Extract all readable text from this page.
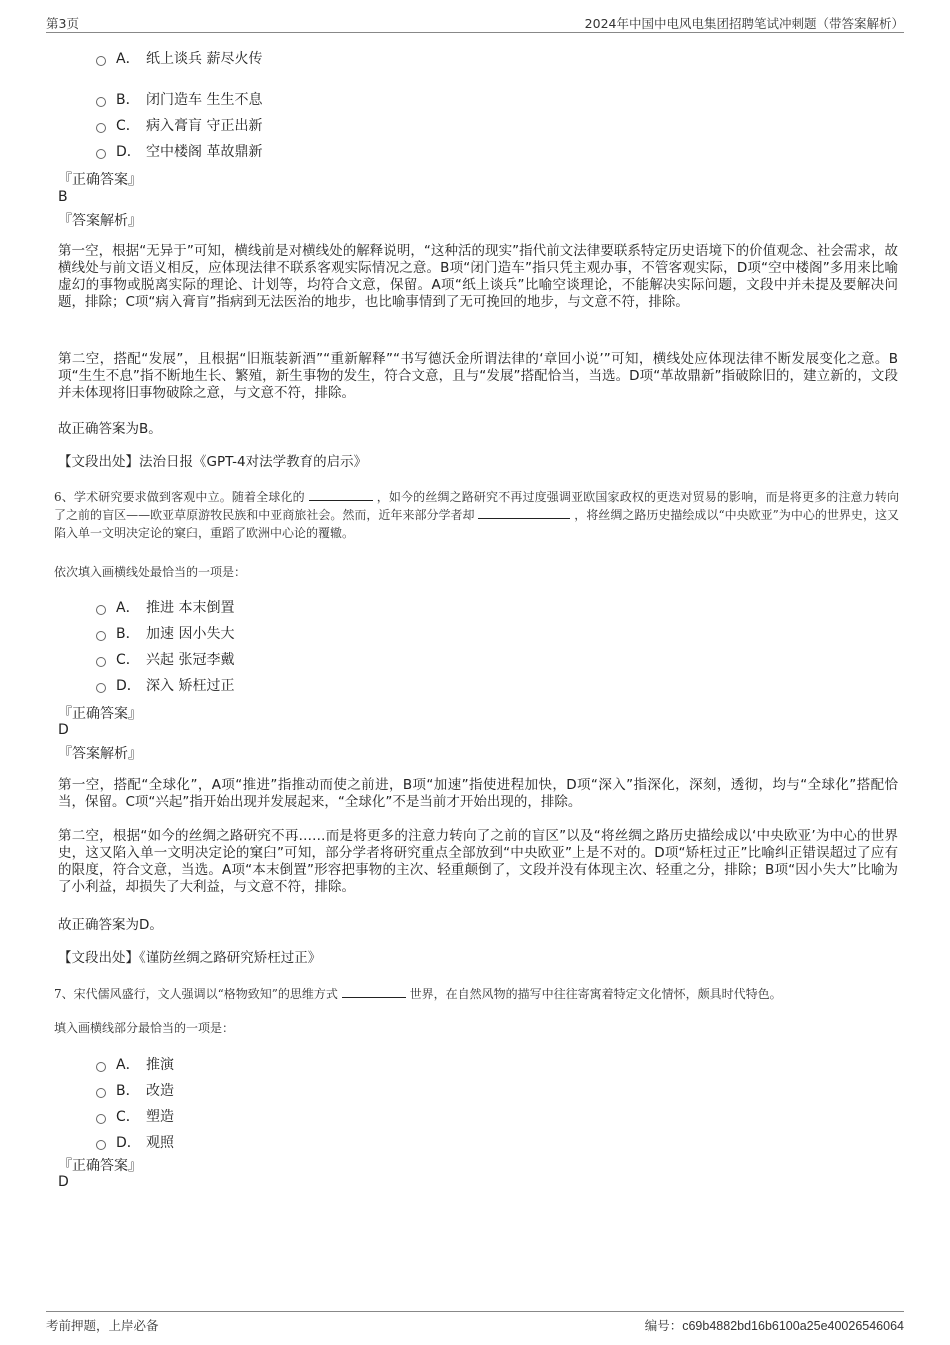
第3页	2024年中国中电风电集团招聘笔试冲刺题（带答案解析）
A． 纸上谈兵 薪尽火传
B． 闭门造车 生生不息
C． 病入膏肓 守正出新
D． 空中楼阁 革故鼎新
『正确答案』
B
『答案解析』
第一空，根据“无异于”可知，横线前是对横线处的解释说明，“这种活的现实”指代前文法律要联系特定历史语境下的价值观念、社会需求，故横线处与前文语义相反，应体现法律不联系客观实际情况之意。B项“闭门造车”指只凭主观办事，不管客观实际，D项“空中楼阁”多用来比喻虚幻的事物或脱离实际的理论、计划等，均符合文意，保留。A项“纸上谈兵”比喻空谈理论，不能解决实际问题，文段中并未提及要解决问题，排除；C项“病入膏肓”指病到无法医治的地步，也比喻事情到了无可挽回的地步，与文意不符，排除。
第二空，搭配“发展”，且根据“旧瓶装新酒”“重新解释”“书写德沃金所谓法律的‘章回小说’”可知，横线处应体现法律不断发展变化之意。B项“生生不息”指不断地生长、繁殖，新生事物的发生，符合文意，且与“发展”搭配恰当，当选。D项“革故鼎新”指破除旧的，建立新的，文段并未体现将旧事物破除之意，与文意不符，排除。
故正确答案为B。
【文段出处】法治日报《GPT-4对法学教育的启示》
6、学术研究要求做到客观中立。随着全球化的	，如今的丝绸之路研究不再过度强调亚欧国家政权的更迭对贸易的影响，而是将更多的注意力转向了之前的盲区——欧亚草原游牧民族和中亚商旅社会。然而，近年来部分学者却	，将丝绸之路历史描绘成以“中央欧亚”为中心的世界史，这又陷入单一文明决定论的窠臼，重蹈了欧洲中心论的覆辙。
依次填入画横线处最恰当的一项是：
A． 推进 本末倒置
B． 加速 因小失大
C． 兴起 张冠李戴
D． 深入 矫枉过正
『正确答案』
D
『答案解析』
第一空，搭配“全球化”，A项“推进”指推动而使之前进，B项“加速”指使进程加快，D项“深入”指深化，深刻，透彻，均与“全球化”搭配恰当，保留。C项“兴起”指开始出现并发展起来，“全球化”不是当前才开始出现的，排除。
第二空，根据“如今的丝绸之路研究不再……而是将更多的注意力转向了之前的盲区”以及“将丝绸之路历史描绘成以‘中央欧亚’为中心的世界史，这又陷入单一文明决定论的窠臼”可知，部分学者将研究重点全部放到“中央欧亚”上是不对的。D项“矫枉过正”比喻纠正错误超过了应有的限度，符合文意，当选。A项“本末倒置”形容把事物的主次、轻重颠倒了，文段并没有体现主次、轻重之分，排除；B项“因小失大”比喻为了小利益，却损失了大利益，与文意不符，排除。
故正确答案为D。
【文段出处】《谨防丝绸之路研究矫枉过正》
7、宋代儒风盛行，文人强调以“格物致知”的思维方式	世界，在自然风物的描写中往往寄寓着特定文化情怀，颇具时代特色。
填入画横线部分最恰当的一项是：
A． 推演
B． 改造
C． 塑造
D． 观照
『正确答案』
D
考前押题，上岸必备	编号：c69b4882bd16b6100a25e40026546064
